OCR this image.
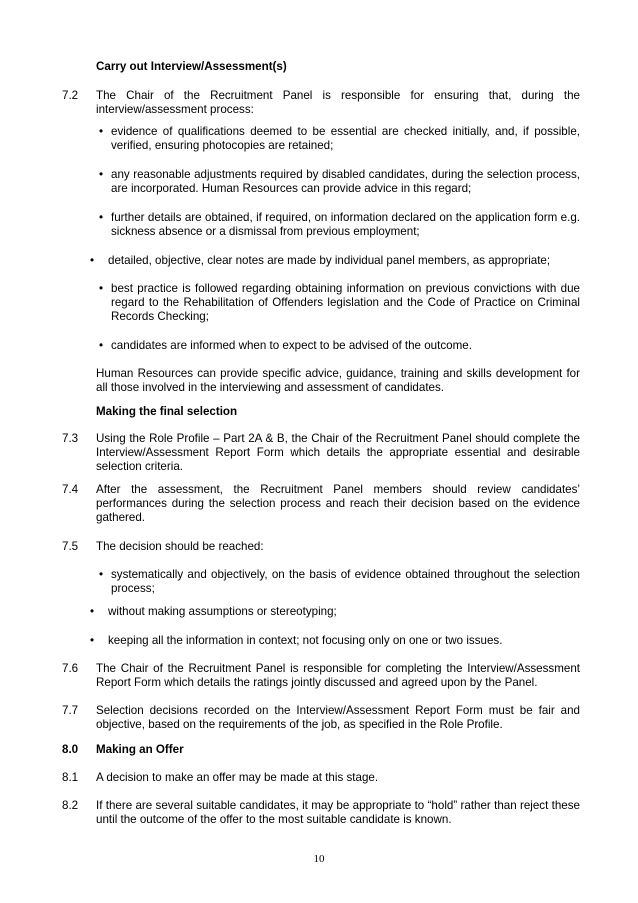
Carry out Interview/Assessment(s)
7.2 The Chair of the Recruitment Panel is responsible for ensuring that, during the interview/assessment process:
• evidence of qualifications deemed to be essential are checked initially, and, if possible, verified, ensuring photocopies are retained;
• any reasonable adjustments required by disabled candidates, during the selection process, are incorporated. Human Resources can provide advice in this regard;
• further details are obtained, if required, on information declared on the application form e.g. sickness absence or a dismissal from previous employment;
• detailed, objective, clear notes are made by individual panel members, as appropriate;
• best practice is followed regarding obtaining information on previous convictions with due regard to the Rehabilitation of Offenders legislation and the Code of Practice on Criminal Records Checking;
• candidates are informed when to expect to be advised of the outcome.
Human Resources can provide specific advice, guidance, training and skills development for all those involved in the interviewing and assessment of candidates.
Making the final selection
7.3 Using the Role Profile – Part 2A & B, the Chair of the Recruitment Panel should complete the Interview/Assessment Report Form which details the appropriate essential and desirable selection criteria.
7.4 After the assessment, the Recruitment Panel members should review candidates’ performances during the selection process and reach their decision based on the evidence gathered.
7.5 The decision should be reached:
• systematically and objectively, on the basis of evidence obtained throughout the selection process;
• without making assumptions or stereotyping;
• keeping all the information in context; not focusing only on one or two issues.
7.6 The Chair of the Recruitment Panel is responsible for completing the Interview/Assessment Report Form which details the ratings jointly discussed and agreed upon by the Panel.
7.7 Selection decisions recorded on the Interview/Assessment Report Form must be fair and objective, based on the requirements of the job, as specified in the Role Profile.
8.0 Making an Offer
8.1 A decision to make an offer may be made at this stage.
8.2 If there are several suitable candidates, it may be appropriate to “hold” rather than reject these until the outcome of the offer to the most suitable candidate is known.
10
